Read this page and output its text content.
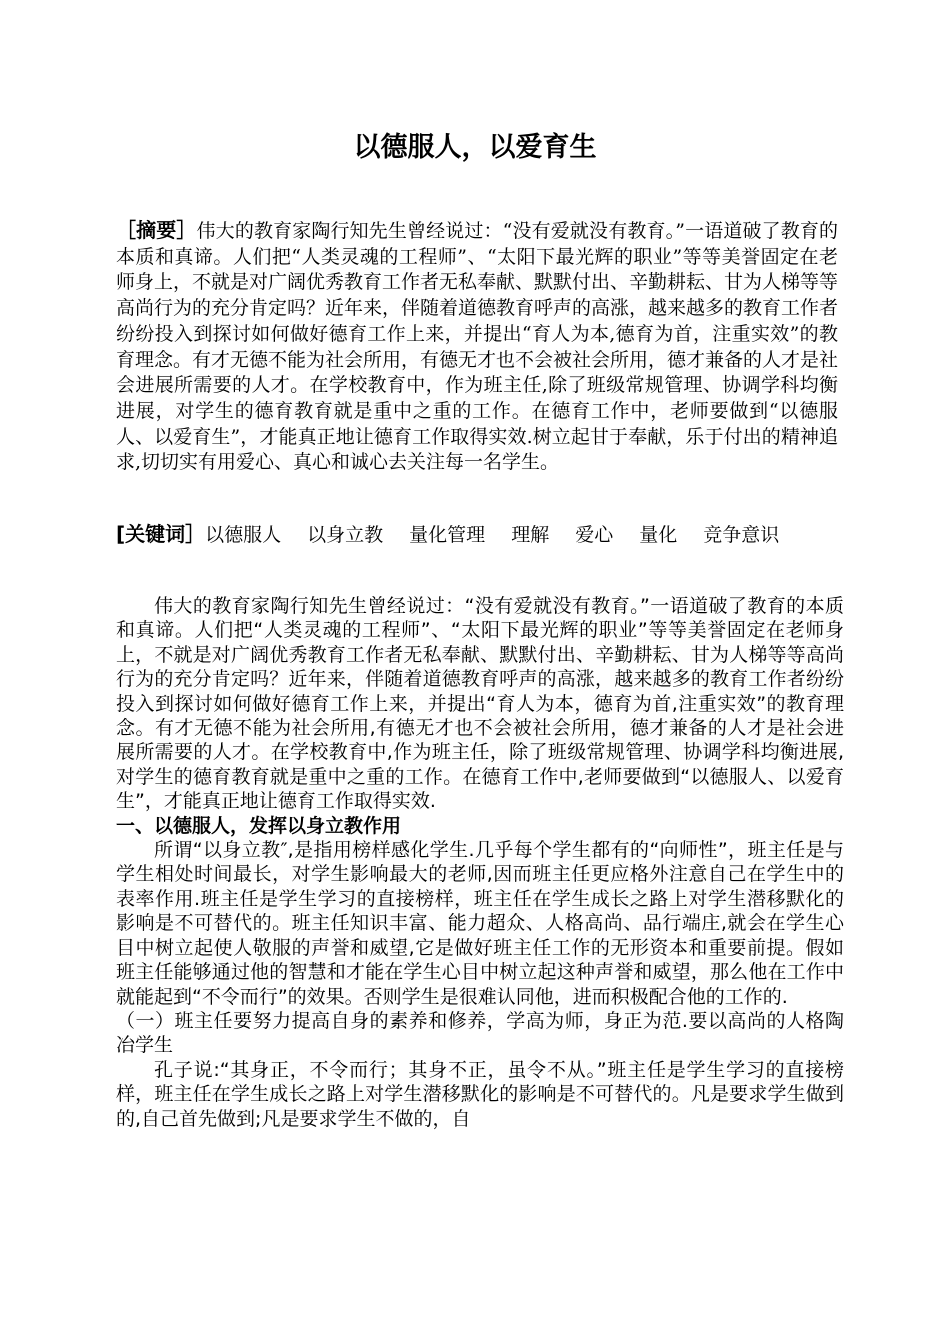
以德服人，以爱育生

［摘要］伟大的教育家陶行知先生曾经说过：“没有爱就没有教育。”一语道破了教育的本质和真谛。人们把“人类灵魂的工程师”、“太阳下最光辉的职业”等等美誉固定在老师身上，不就是对广阔优秀教育工作者无私奉献、默默付出、辛勤耕耘、甘为人梯等等高尚行为的充分肯定吗？近年来，伴随着道德教育呼声的高涨，越来越多的教育工作者纷纷投入到探讨如何做好德育工作上来，并提出“育人为本,德育为首，注重实效”的教育理念。有才无德不能为社会所用，有德无才也不会被社会所用，德才兼备的人才是社会进展所需要的人才。在学校教育中，作为班主任,除了班级常规管理、协调学科均衡进展，对学生的德育教育就是重中之重的工作。在德育工作中，老师要做到“以德服人、以爱育生”，才能真正地让德育工作取得实效.树立起甘于奉献，乐于付出的精神追求,切切实有用爱心、真心和诚心去关注每一名学生。

[关键词］以德服人 以身立教 量化管理 理解 爱心 量化 竞争意识

伟大的教育家陶行知先生曾经说过：“没有爱就没有教育。”一语道破了教育的本质和真谛。人们把“人类灵魂的工程师”、“太阳下最光辉的职业”等等美誉固定在老师身上，不就是对广阔优秀教育工作者无私奉献、默默付出、辛勤耕耘、甘为人梯等等高尚行为的充分肯定吗？近年来，伴随着道德教育呼声的高涨，越来越多的教育工作者纷纷投入到探讨如何做好德育工作上来，并提出“育人为本，德育为首,注重实效”的教育理念。有才无德不能为社会所用,有德无才也不会被社会所用，德才兼备的人才是社会进展所需要的人才。在学校教育中,作为班主任，除了班级常规管理、协调学科均衡进展,对学生的德育教育就是重中之重的工作。在德育工作中,老师要做到“以德服人、以爱育生”，才能真正地让德育工作取得实效.

一、以德服人，发挥以身立教作用

所谓“以身立教″,是指用榜样感化学生.几乎每个学生都有的“向师性”，班主任是与学生相处时间最长，对学生影响最大的老师,因而班主任更应格外注意自己在学生中的表率作用.班主任是学生学习的直接榜样，班主任在学生成长之路上对学生潜移默化的影响是不可替代的。班主任知识丰富、能力超众、人格高尚、品行端庄,就会在学生心目中树立起使人敬服的声誉和威望,它是做好班主任工作的无形资本和重要前提。假如班主任能够通过他的智慧和才能在学生心目中树立起这种声誉和威望，那么他在工作中就能起到“不令而行”的效果。否则学生是很难认同他，进而积极配合他的工作的.

（一）班主任要努力提高自身的素养和修养，学高为师，身正为范.要以高尚的人格陶冶学生

孔子说:“其身正，不令而行；其身不正，虽令不从。”班主任是学生学习的直接榜样，班主任在学生成长之路上对学生潜移默化的影响是不可替代的。凡是要求学生做到的,自己首先做到;凡是要求学生不做的，自
